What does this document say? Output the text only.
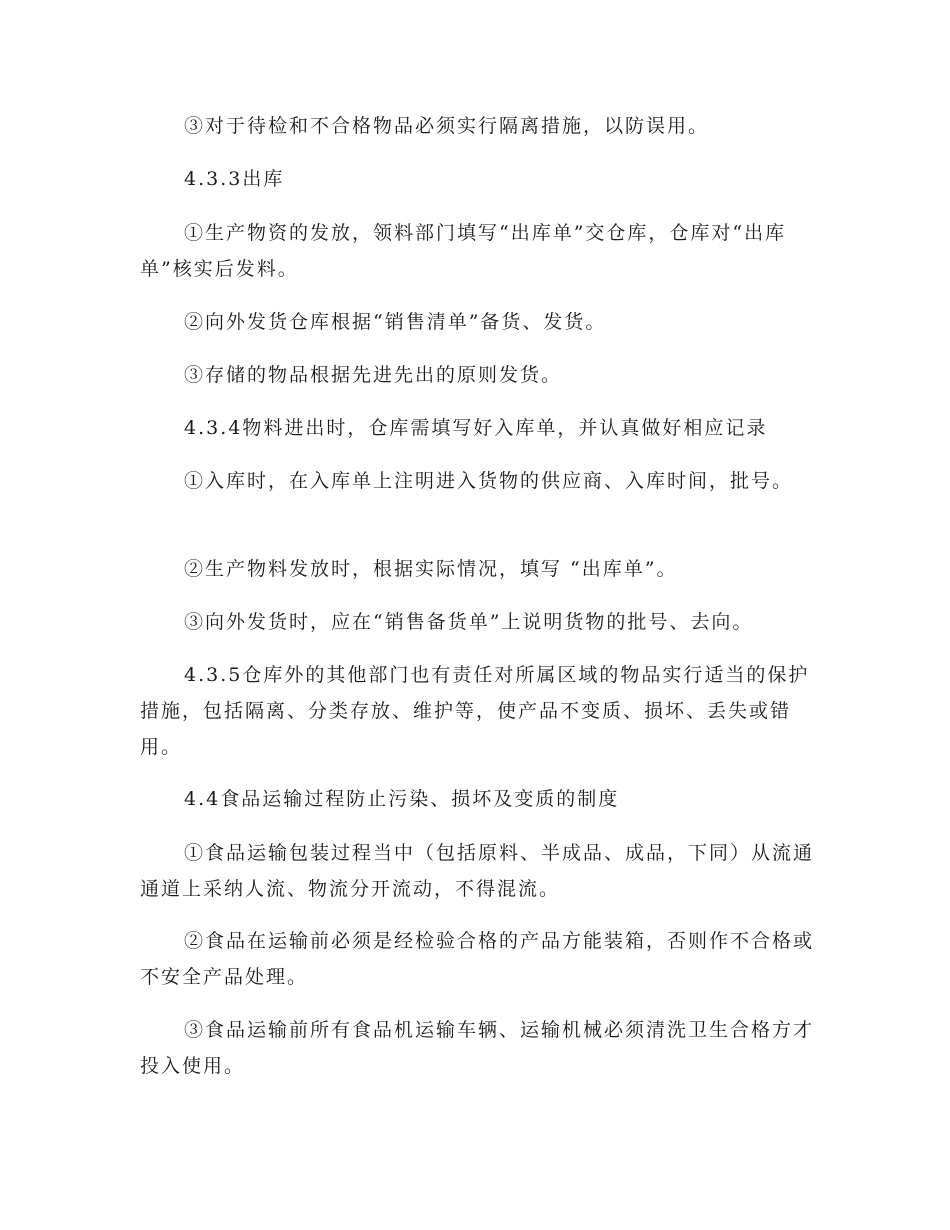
③对于待检和不合格物品必须实行隔离措施，以防误用。

4.3.3出库

①生产物资的发放，领料部门填写“出库单”交仓库，仓库对“出库单”核实后发料。

②向外发货仓库根据“销售清单”备货、发货。

③存储的物品根据先进先出的原则发货。

4.3.4物料进出时，仓库需填写好入库单，并认真做好相应记录

①入库时，在入库单上注明进入货物的供应商、入库时间，批号。

②生产物料发放时，根据实际情况，填写 “出库单”。

③向外发货时，应在“销售备货单”上说明货物的批号、去向。

4.3.5仓库外的其他部门也有责任对所属区域的物品实行适当的保护措施，包括隔离、分类存放、维护等，使产品不变质、损坏、丢失或错用。

4.4食品运输过程防止污染、损坏及变质的制度

①食品运输包装过程当中（包括原料、半成品、成品，下同）从流通通道上采纳人流、物流分开流动，不得混流。

②食品在运输前必须是经检验合格的产品方能装箱，否则作不合格或不安全产品处理。

③食品运输前所有食品机运输车辆、运输机械必须清洗卫生合格方才投入使用。
